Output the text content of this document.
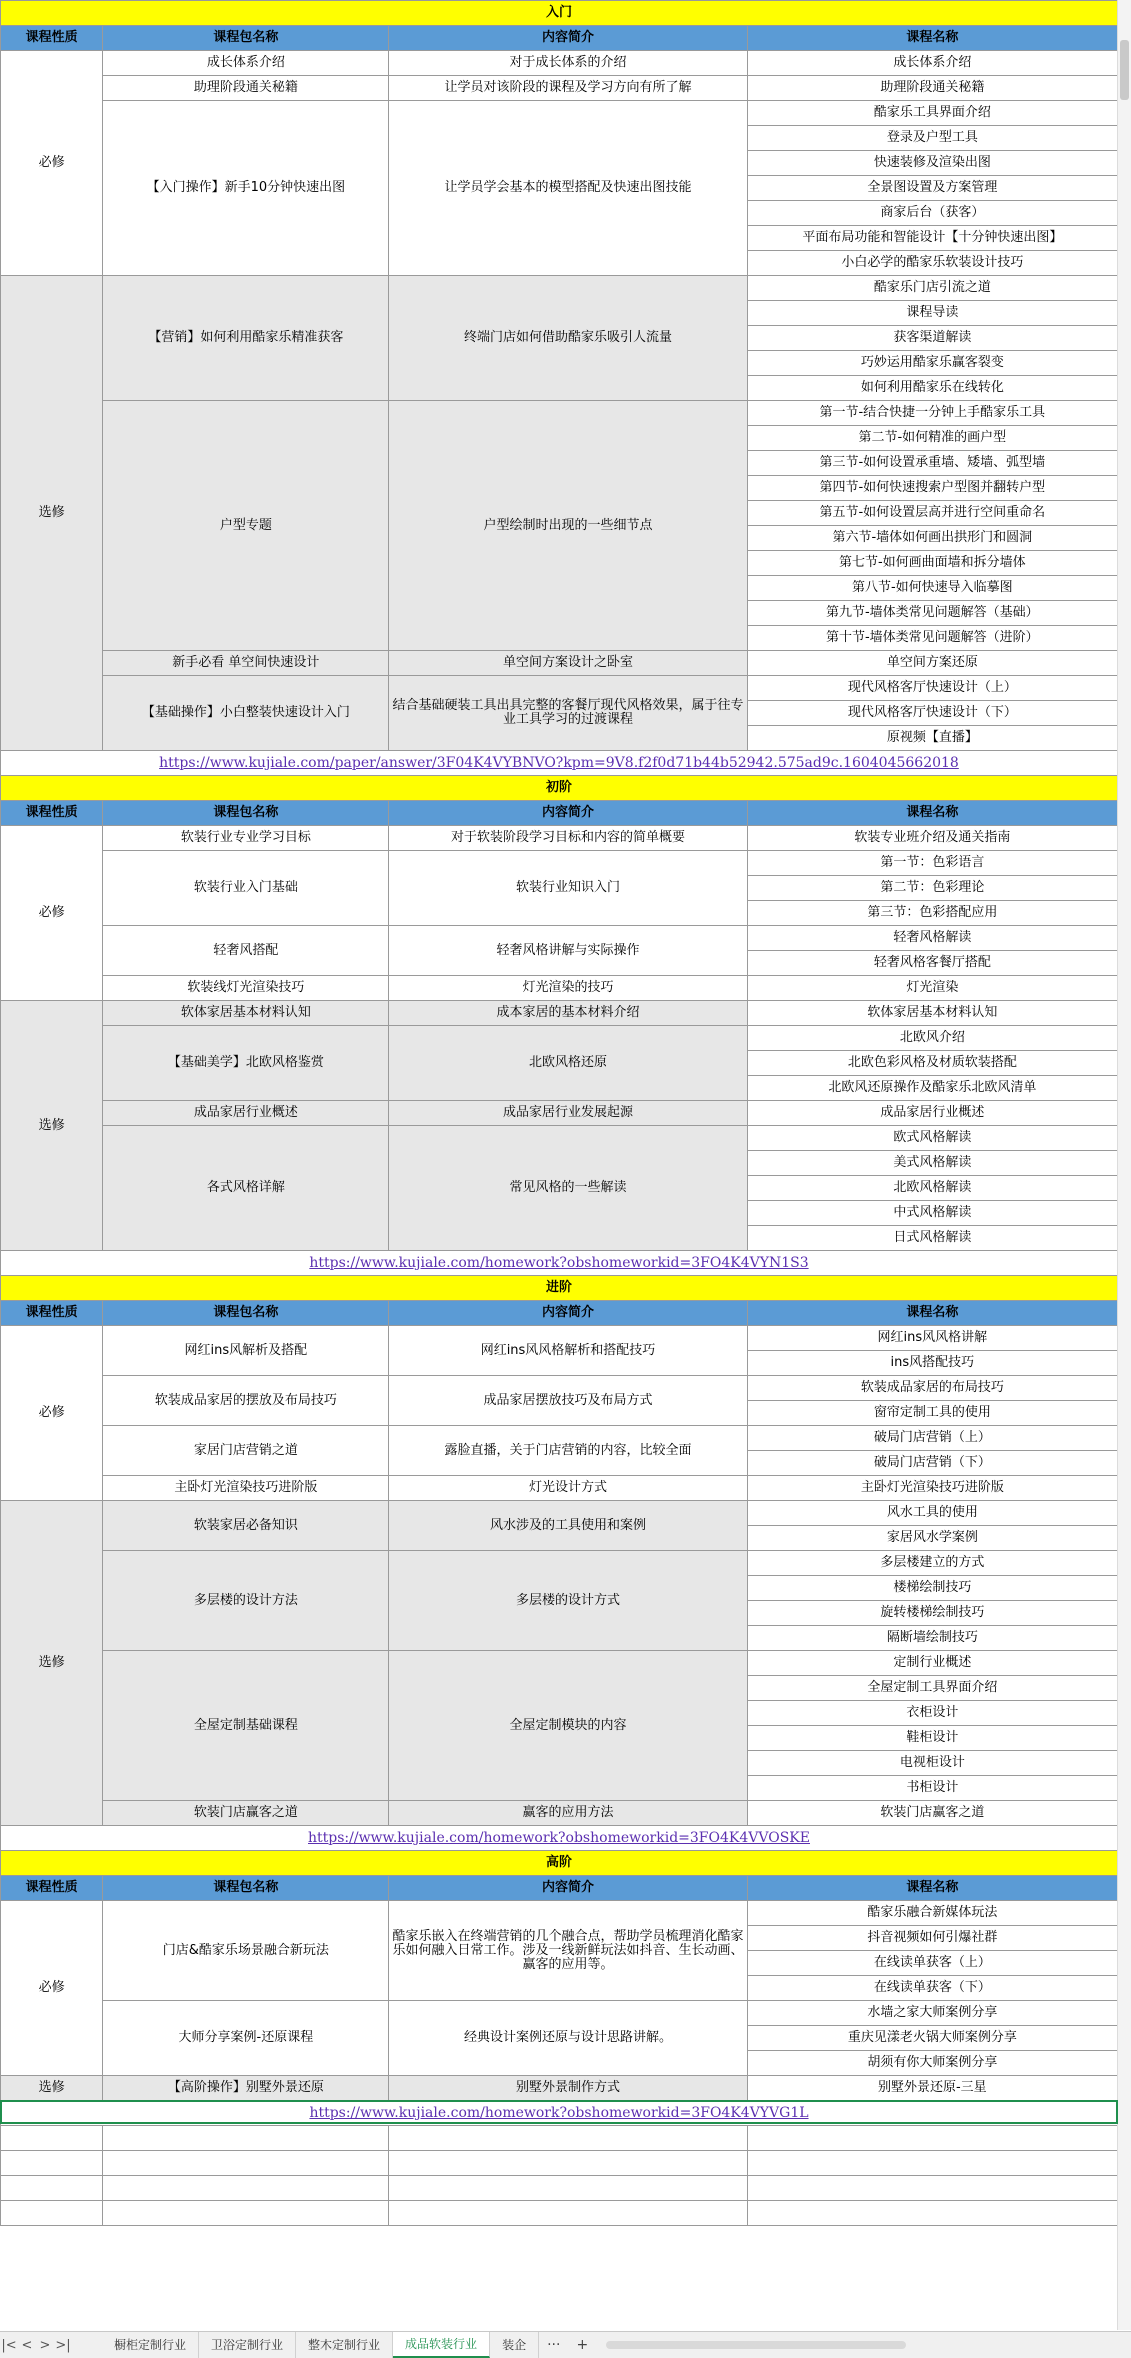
入门			
课程性质	课程包名称	内容简介	课程名称
必修	成长体系介绍	对于成长体系的介绍	成长体系介绍
	助理阶段通关秘籍	让学员对该阶段的课程及学习方向有所了解	助理阶段通关秘籍
	【入门操作】新手10分钟快速出图	让学员学会基本的模型搭配及快速出图技能	酷家乐工具界面介绍
			登录及户型工具
			快速装修及渲染出图
			全景图设置及方案管理
			商家后台（获客）
			平面布局功能和智能设计【十分钟快速出图】
			小白必学的酷家乐软装设计技巧
选修	【营销】如何利用酷家乐精准获客	终端门店如何借助酷家乐吸引人流量	酷家乐门店引流之道
			课程导读
			获客渠道解读
			巧妙运用酷家乐赢客裂变
			如何利用酷家乐在线转化
	户型专题	户型绘制时出现的一些细节点	第一节-结合快捷一分钟上手酷家乐工具
			第二节-如何精准的画户型
			第三节-如何设置承重墙、矮墙、弧型墙
			第四节-如何快速搜索户型图并翻转户型
			第五节-如何设置层高并进行空间重命名
			第六节-墙体如何画出拱形门和圆洞
			第七节-如何画曲面墙和拆分墙体
			第八节-如何快速导入临摹图
			第九节-墙体类常见问题解答（基础）
			第十节-墙体类常见问题解答（进阶）
	新手必看 单空间快速设计	单空间方案设计之卧室	单空间方案还原
	【基础操作】小白整装快速设计入门	结合基础硬装工具出具完整的客餐厅现代风格效果，属于往专业工具学习的过渡课程	现代风格客厅快速设计（上）
			现代风格客厅快速设计（下）
			原视频【直播】
https://www.kujiale.com/paper/answer/3F04K4VYBNVO?kpm=9V8.f2f0d71b44b52942.575ad9c.1604045662018			
初阶			
课程性质	课程包名称	内容简介	课程名称
必修	软装行业专业学习目标	对于软装阶段学习目标和内容的简单概要	软装专业班介绍及通关指南
	软装行业入门基础	软装行业知识入门	第一节：色彩语言
			第二节：色彩理论
			第三节：色彩搭配应用
	轻奢风搭配	轻奢风格讲解与实际操作	轻奢风格解读
			轻奢风格客餐厅搭配
	软装线灯光渲染技巧	灯光渲染的技巧	灯光渲染
选修	软体家居基本材料认知	成本家居的基本材料介绍	软体家居基本材料认知
	【基础美学】北欧风格鉴赏	北欧风格还原	北欧风介绍
			北欧色彩风格及材质软装搭配
			北欧风还原操作及酷家乐北欧风清单
	成品家居行业概述	成品家居行业发展起源	成品家居行业概述
	各式风格详解	常见风格的一些解读	欧式风格解读
			美式风格解读
			北欧风格解读
			中式风格解读
			日式风格解读
https://www.kujiale.com/homework?obshomeworkid=3FO4K4VYN1S3			
进阶			
课程性质	课程包名称	内容简介	课程名称
必修	网红ins风解析及搭配	网红ins风风格解析和搭配技巧	网红ins风风格讲解
			ins风搭配技巧
	软装成品家居的摆放及布局技巧	成品家居摆放技巧及布局方式	软装成品家居的布局技巧
			窗帘定制工具的使用
	家居门店营销之道	露脸直播，关于门店营销的内容，比较全面	破局门店营销（上）
			破局门店营销（下）
	主卧灯光渲染技巧进阶版	灯光设计方式	主卧灯光渲染技巧进阶版
选修	软装家居必备知识	风水涉及的工具使用和案例	风水工具的使用
			家居风水学案例
	多层楼的设计方法	多层楼的设计方式	多层楼建立的方式
			楼梯绘制技巧
			旋转楼梯绘制技巧
			隔断墙绘制技巧
	全屋定制基础课程	全屋定制模块的内容	定制行业概述
			全屋定制工具界面介绍
			衣柜设计
			鞋柜设计
			电视柜设计
			书柜设计
	软装门店赢客之道	赢客的应用方法	软装门店赢客之道
https://www.kujiale.com/homework?obshomeworkid=3FO4K4VVOSKE			
高阶			
课程性质	课程包名称	内容简介	课程名称
必修	门店&酷家乐场景融合新玩法	酷家乐嵌入在终端营销的几个融合点，帮助学员梳理消化酷家乐如何融入日常工作。涉及一线新鲜玩法如抖音、生长动画、赢客的应用等。	酷家乐融合新媒体玩法
			抖音视频如何引爆社群
			在线读单获客（上）
			在线读单获客（下）
	大师分享案例-还原课程	经典设计案例还原与设计思路讲解。	水墙之家大师案例分享
			重庆见漾老火锅大师案例分享
			胡须有你大师案例分享
选修	【高阶操作】别墅外景还原	别墅外景制作方式	别墅外景还原-三星
https://www.kujiale.com/homework?obshomeworkid=3FO4K4VYVG1L			

|< < > >|	橱柜定制行业	卫浴定制行业	整木定制行业	成品软装行业	装企	···	+
